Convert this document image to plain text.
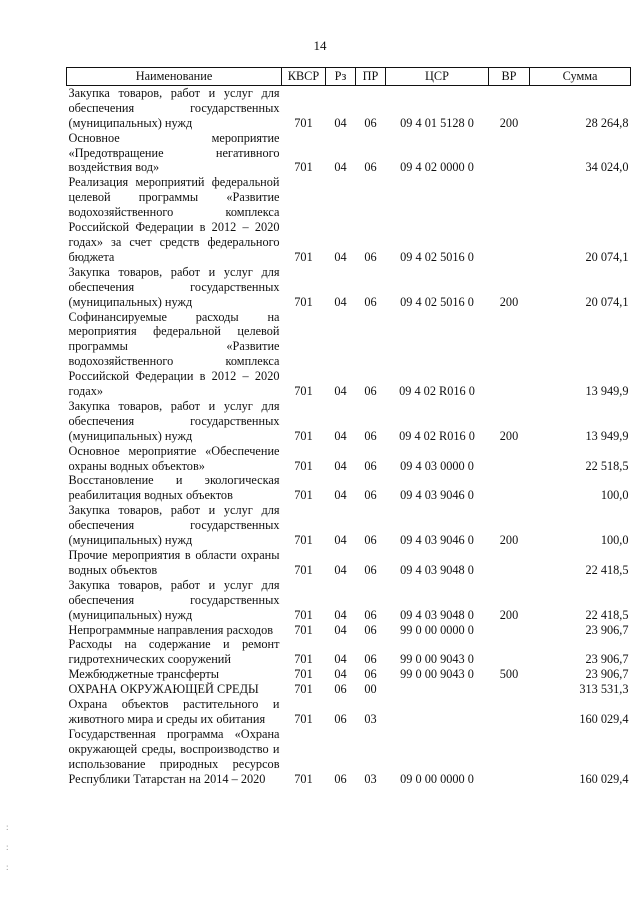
14
Наименование	КВСР	Рз	ПР	ЦСР	ВР	Сумма
Закупка товаров, работ и услуг для обеспечения государственных (муниципальных) нужд	701	04	06	09 4 01 5128 0	200	28 264,8
Основное мероприятие «Предотвращение негативного воздействия вод»	701	04	06	09 4 02 0000 0		34 024,0
Реализация мероприятий федеральной целевой программы «Развитие водохозяйственного комплекса Российской Федерации в 2012 – 2020 годах» за счет средств федерального бюджета	701	04	06	09 4 02 5016 0		20 074,1
Закупка товаров, работ и услуг для обеспечения государственных (муниципальных) нужд	701	04	06	09 4 02 5016 0	200	20 074,1
Софинансируемые расходы на мероприятия федеральной целевой программы «Развитие водохозяйственного комплекса Российской Федерации в 2012 – 2020 годах»	701	04	06	09 4 02 R016 0		13 949,9
Закупка товаров, работ и услуг для обеспечения государственных (муниципальных) нужд	701	04	06	09 4 02 R016 0	200	13 949,9
Основное мероприятие «Обеспечение охраны водных объектов»	701	04	06	09 4 03 0000 0		22 518,5
Восстановление и экологическая реабилитация водных объектов	701	04	06	09 4 03 9046 0		100,0
Закупка товаров, работ и услуг для обеспечения государственных (муниципальных) нужд	701	04	06	09 4 03 9046 0	200	100,0
Прочие мероприятия в области охраны водных объектов	701	04	06	09 4 03 9048 0		22 418,5
Закупка товаров, работ и услуг для обеспечения государственных (муниципальных) нужд	701	04	06	09 4 03 9048 0	200	22 418,5
Непрограммные направления расходов	701	04	06	99 0 00 0000 0		23 906,7
Расходы на содержание и ремонт гидротехнических сооружений	701	04	06	99 0 00 9043 0		23 906,7
Межбюджетные трансферты	701	04	06	99 0 00 9043 0	500	23 906,7
ОХРАНА ОКРУЖАЮЩЕЙ СРЕДЫ	701	06	00			313 531,3
Охрана объектов растительного и животного мира и среды их обитания	701	06	03			160 029,4
Государственная программа «Охрана окружающей среды, воспроизводство и использование природных ресурсов Республики Татарстан на 2014 – 2020	701	06	03	09 0 00 0000 0		160 029,4
:
:
:
